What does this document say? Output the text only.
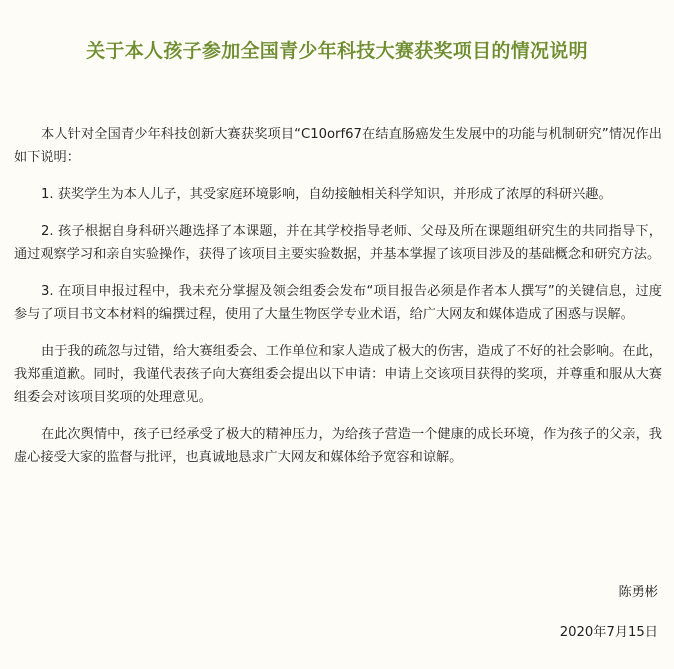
关于本人孩子参加全国青少年科技大赛获奖项目的情况说明

本人针对全国青少年科技创新大赛获奖项目“C10orf67在结直肠癌发生发展中的功能与机制研究”情况作出如下说明：

1. 获奖学生为本人儿子，其受家庭环境影响，自幼接触相关科学知识，并形成了浓厚的科研兴趣。

2. 孩子根据自身科研兴趣选择了本课题，并在其学校指导老师、父母及所在课题组研究生的共同指导下，通过观察学习和亲自实验操作，获得了该项目主要实验数据，并基本掌握了该项目涉及的基础概念和研究方法。

3. 在项目申报过程中，我未充分掌握及领会组委会发布“项目报告必须是作者本人撰写”的关键信息，过度参与了项目书文本材料的编撰过程，使用了大量生物医学专业术语，给广大网友和媒体造成了困惑与误解。

由于我的疏忽与过错，给大赛组委会、工作单位和家人造成了极大的伤害，造成了不好的社会影响。在此，我郑重道歉。同时，我谨代表孩子向大赛组委会提出以下申请：申请上交该项目获得的奖项，并尊重和服从大赛组委会对该项目奖项的处理意见。

在此次舆情中，孩子已经承受了极大的精神压力，为给孩子营造一个健康的成长环境，作为孩子的父亲，我虚心接受大家的监督与批评，也真诚地恳求广大网友和媒体给予宽容和谅解。

陈勇彬
2020年7月15日
